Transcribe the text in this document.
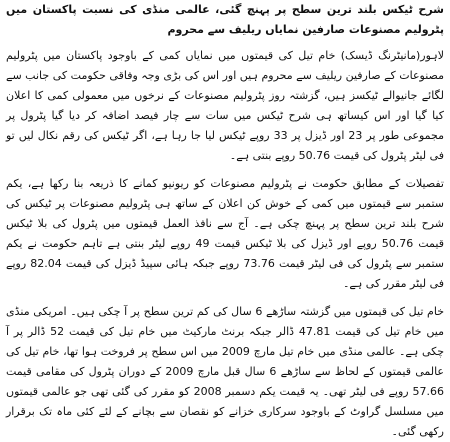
شرح ٹیکس بلند ترین سطح پر پہنچ گئی، عالمی منڈی کی نسبت پاکستان میں پٹرولیم مصنوعات صارفین نمایاں ریلیف سے محروم
لاہور(مانیٹرنگ ڈیسک) خام تیل کی قیمتوں میں نمایاں کمی کے باوجود پاکستان میں پٹرولیم مصنوعات کے صارفین ریلیف سے محروم ہیں اور اس کی بڑی وجہ وفاقی حکومت کی جانب سے لگائے جانیوالے ٹیکسز ہیں، گزشتہ روز پٹرولیم مصنوعات کے نرخوں میں معمولی کمی کا اعلان کیا گیا اور اس کیساتھ ہی شرح ٹیکس میں سات سے چار فیصد اضافہ کر دیا گیا پٹرول پر مجموعی طور پر 23 اور ڈیزل پر 33 روپے ٹیکس لیا جا رہا ہے، اگر ٹیکس کی رقم نکال لیں تو فی لیٹر پٹرول کی قیمت 50.76 روپے بنتی ہے۔
تفصیلات کے مطابق حکومت نے پٹرولیم مصنوعات کو ریونیو کمانے کا ذریعہ بنا رکھا ہے، یکم ستمبر سے قیمتوں میں کمی کے خوش کن اعلان کے ساتھ ہی پٹرولیم مصنوعات پر ٹیکس کی شرح بلند ترین سطح پر پہنچ چکی ہے۔ آج سے نافذ العمل قیمتوں میں پٹرول کی بلا ٹیکس قیمت 50.76 روپے اور ڈیزل کی بلا ٹیکس قیمت 49 روپے لیٹر بنتی ہے تاہم حکومت نے یکم ستمبر سے پٹرول کی فی لیٹر قیمت 73.76 روپے جبکہ ہائی سپیڈ ڈیزل کی قیمت 82.04 روپے فی لیٹر مقرر کی ہے۔
خام تیل کی قیمتوں میں گزشتہ ساڑھے 6 سال کی کم ترین سطح پر آ چکی ہیں۔ امریکی منڈی میں خام تیل کی قیمت 47.81 ڈالر جبکہ برنٹ مارکیٹ میں خام تیل کی قیمت 52 ڈالر پر آ چکی ہے۔ عالمی منڈی میں خام تیل مارچ 2009 میں اس سطح پر فروخت ہوا تھا، خام تیل کی عالمی قیمتوں کے لحاظ سے ساڑھے 6 سال قبل مارچ 2009 کے دوران پٹرول کی مقامی قیمت 57.66 روپے فی لیٹر تھی۔ یہ قیمت یکم دسمبر 2008 کو مقرر کی گئی تھی جو عالمی قیمتوں میں مسلسل گراوٹ کے باوجود سرکاری خزانے کو نقصان سے بچانے کے لئے کئی ماہ تک برقرار رکھی گئی۔
